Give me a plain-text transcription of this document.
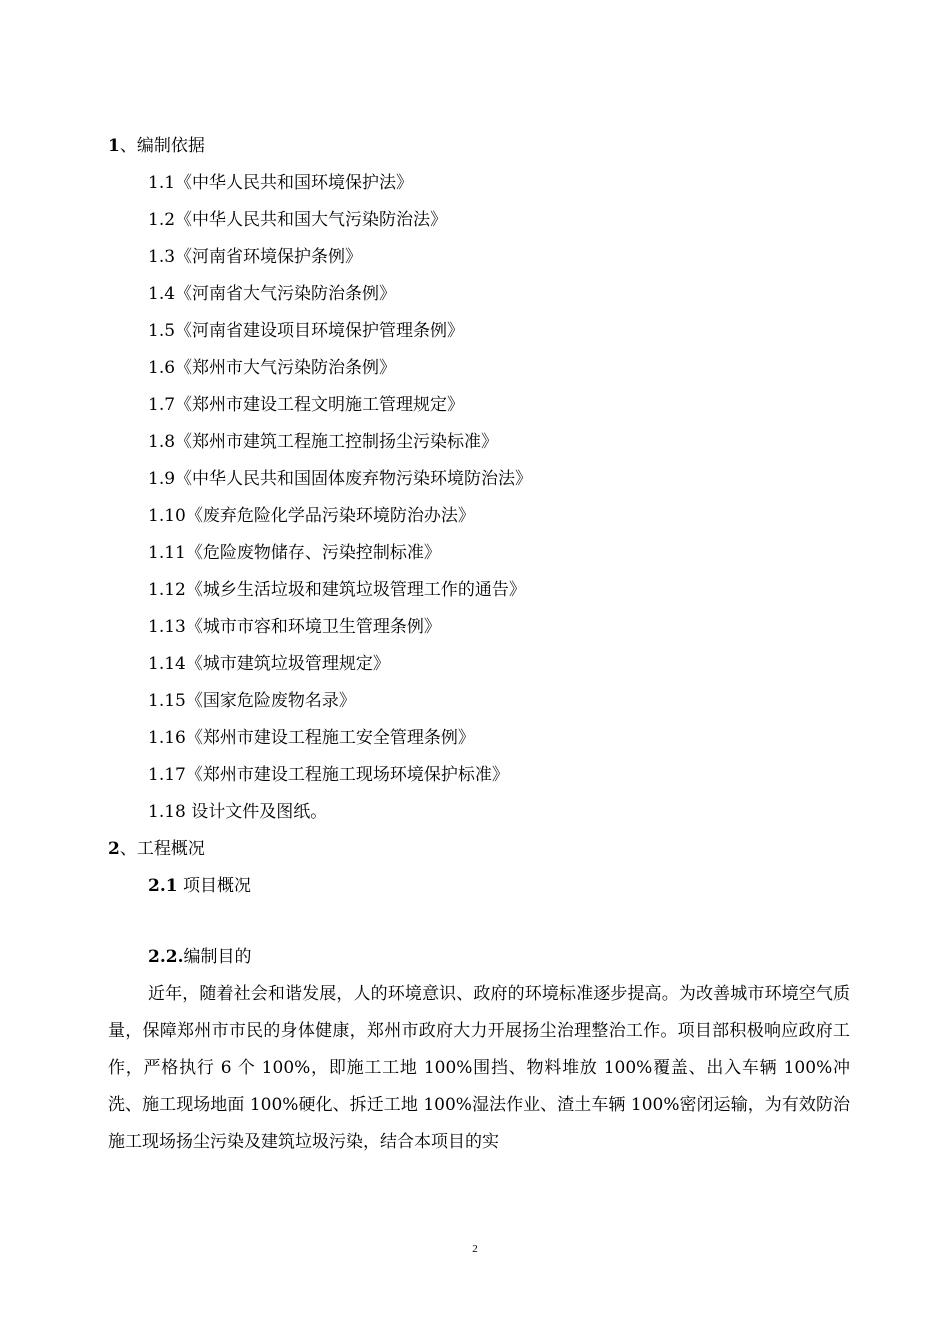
1、编制依据
1.1《中华人民共和国环境保护法》
1.2《中华人民共和国大气污染防治法》
1.3《河南省环境保护条例》
1.4《河南省大气污染防治条例》
1.5《河南省建设项目环境保护管理条例》
1.6《郑州市大气污染防治条例》
1.7《郑州市建设工程文明施工管理规定》
1.8《郑州市建筑工程施工控制扬尘污染标准》
1.9《中华人民共和国固体废弃物污染环境防治法》
1.10《废弃危险化学品污染环境防治办法》
1.11《危险废物储存、污染控制标准》
1.12《城乡生活垃圾和建筑垃圾管理工作的通告》
1.13《城市市容和环境卫生管理条例》
1.14《城市建筑垃圾管理规定》
1.15《国家危险废物名录》
1.16《郑州市建设工程施工安全管理条例》
1.17《郑州市建设工程施工现场环境保护标准》
1.18 设计文件及图纸。
2、工程概况
2.1 项目概况
2.2.编制目的

近年，随着社会和谐发展，人的环境意识、政府的环境标准逐步提高。为改善城市环境空气质量，保障郑州市市民的身体健康，郑州市政府大力开展扬尘治理整治工作。项目部积极响应政府工作，严格执行 6 个 100%，即施工工地 100%围挡、物料堆放 100%覆盖、出入车辆 100%冲洗、施工现场地面 100%硬化、拆迁工地 100%湿法作业、渣土车辆 100%密闭运输，为有效防治施工现场扬尘污染及建筑垃圾污染，结合本项目的实

2
